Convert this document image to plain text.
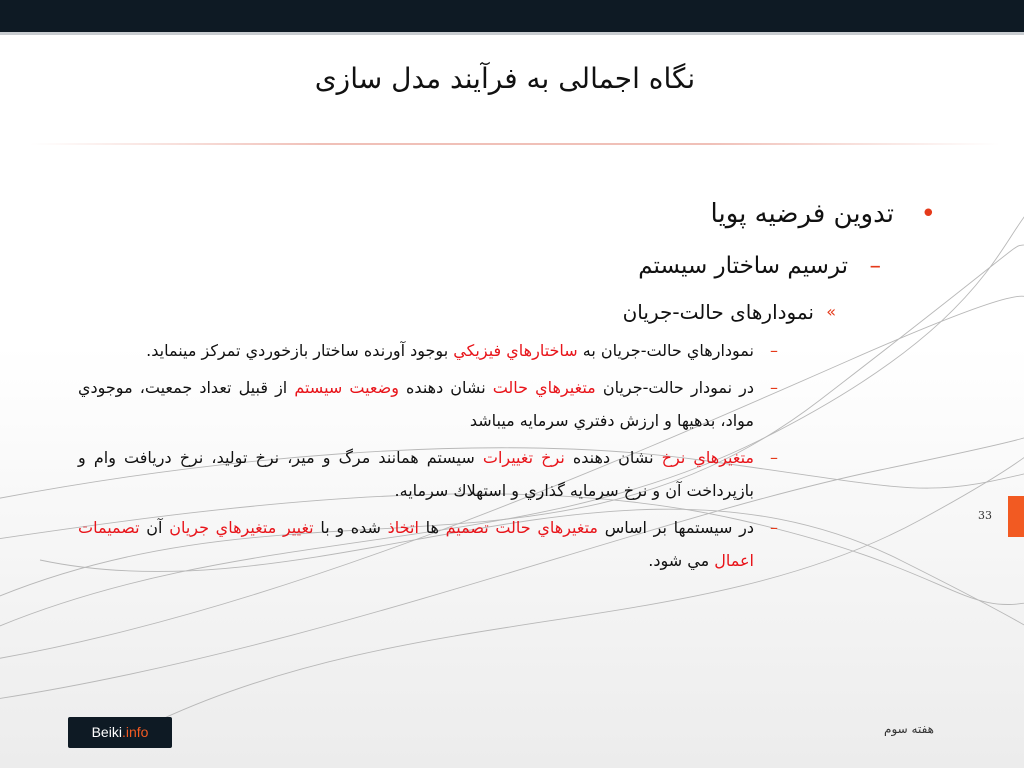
نگاه اجمالی به فرآیند مدل سازی
•
تدوین فرضیه پویا
–
ترسیم ساختار سیستم
»
نمودارهای حالت-جریان
–
نمودارهاي حالت-جريان به ساختارهاي فيزيكي بوجود آورنده ساختار بازخوردي تمركز مينمايد.
–
در نمودار حالت-جريان متغيرهاي حالت نشان دهنده وضعيت سيستم از قبيل تعداد جمعيت، موجودي مواد، بدهيها و ارزش دفتري سرمايه ميباشد
–
متغيرهاي نرخ نشان دهنده نرخ تغييرات سيستم همانند مرگ و مير، نرخ توليد، نرخ دريافت وام و بازپرداخت آن و نرخ سرمايه گذاري و استهلاك سرمايه.
–
در سيستمها بر اساس متغيرهاي حالت تصميم ها اتخاذ شده و با تغيير متغيرهاي جريان آن تصميمات اعمال مي شود.
33
Beiki.info	هفته سوم
